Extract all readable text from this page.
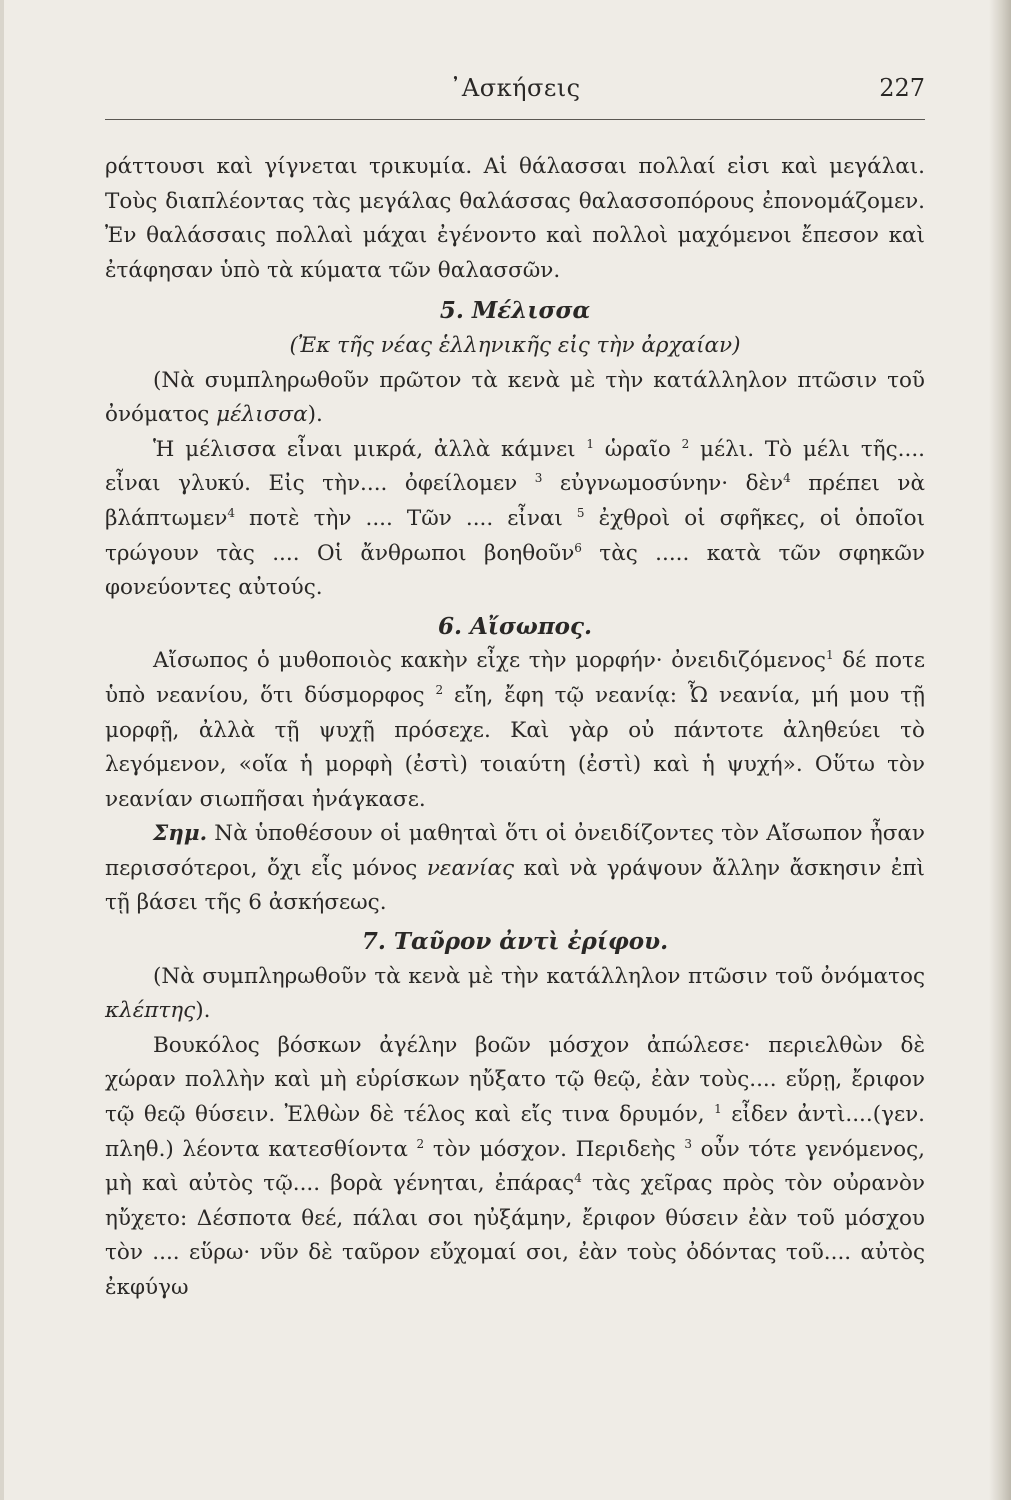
᾿Ασκήσεις	227

ράττουσι καὶ γίγνεται τρικυμία. Αἱ θάλασσαι πολλαί εἰσι καὶ μεγάλαι. Τοὺς διαπλέοντας τὰς μεγάλας θαλάσσας θαλασσοπόρους ἐπονομάζομεν. Ἐν θαλάσσαις πολλαὶ μάχαι ἐγένοντο καὶ πολλοὶ μαχόμενοι ἔπεσον καὶ ἐτάφησαν ὑπὸ τὰ κύματα τῶν θαλασσῶν.

5. Μέλισσα

(Ἐκ τῆς νέας ἑλληνικῆς εἰς τὴν ἀρχαίαν)

(Νὰ συμπληρωθοῦν πρῶτον τὰ κενὰ μὲ τὴν κατάλληλον πτῶσιν τοῦ ὀνόματος μέλισσα).

Ἡ μέλισσα εἶναι μικρά, ἀλλὰ κάμνει $^1$ ὡραῖο $^2$ μέλι. Τὸ μέλι τῆς.... εἶναι γλυκύ. Εἰς τὴν.... ὀφείλομεν $^3$ εὐγνωμοσύνην· δὲν$^4$ πρέπει νὰ βλάπτωμεν$^4$ ποτὲ τὴν .... Τῶν .... εἶναι $^5$ ἐχθροὶ οἱ σφῆκες, οἱ ὁποῖοι τρώγουν τὰς .... Οἱ ἄνθρωποι βοηθοῦν$^6$ τὰς ..... κατὰ τῶν σφηκῶν φονεύοντες αὐτούς.

6. Αἴσωπος.

Αἴσωπος ὁ μυθοποιὸς κακὴν εἶχε τὴν μορφήν· ὀνειδιζόμενος$^1$ δέ ποτε ὑπὸ νεανίου, ὅτι δύσμορφος $^2$ εἴη, ἔφη τῷ νεανίᾳ: Ὦ νεανία, μή μου τῇ μορφῇ, ἀλλὰ τῇ ψυχῇ πρόσεχε. Καὶ γὰρ οὐ πάντοτε ἀληθεύει τὸ λεγόμενον, «οἵα ἡ μορφὴ (ἐστὶ) τοιαύτη (ἐστὶ) καὶ ἡ ψυχή». Οὕτω τὸν νεανίαν σιωπῆσαι ἠνάγκασε.

Σημ. Νὰ ὑποθέσουν οἱ μαθηταὶ ὅτι οἱ ὀνειδίζοντες τὸν Αἴσωπον ἦσαν περισσότεροι, ὄχι εἷς μόνος νεανίας καὶ νὰ γράψουν ἄλλην ἄσκησιν ἐπὶ τῇ βάσει τῆς 6 ἀσκήσεως.

7. Ταῦρον ἀντὶ ἐρίφου.

(Νὰ συμπληρωθοῦν τὰ κενὰ μὲ τὴν κατάλληλον πτῶσιν τοῦ ὀνόματος κλέπτης).

Βουκόλος βόσκων ἀγέλην βοῶν μόσχον ἀπώλεσε· περιελθὼν δὲ χώραν πολλὴν καὶ μὴ εὑρίσκων ηὔξατο τῷ θεῷ, ἐὰν τοὺς.... εὕρῃ, ἔριφον τῷ θεῷ θύσειν. Ἐλθὼν δὲ τέλος καὶ εἴς τινα δρυμόν, $^1$ εἶδεν ἀντὶ....(γεν. πληθ.) λέοντα κατεσθίοντα $^2$ τὸν μόσχον. Περιδεὴς $^3$ οὖν τότε γενόμενος, μὴ καὶ αὐτὸς τῷ.... βορὰ γένηται, ἐπάρας$^4$ τὰς χεῖρας πρὸς τὸν οὐρανὸν ηὔχετο: Δέσποτα θεέ, πάλαι σοι ηὐξάμην, ἔριφον θύσειν ἐὰν τοῦ μόσχου τὸν .... εὕρω· νῦν δὲ ταῦρον εὔχομαί σοι, ἐὰν τοὺς ὀδόντας τοῦ.... αὐτὸς ἐκφύγω
